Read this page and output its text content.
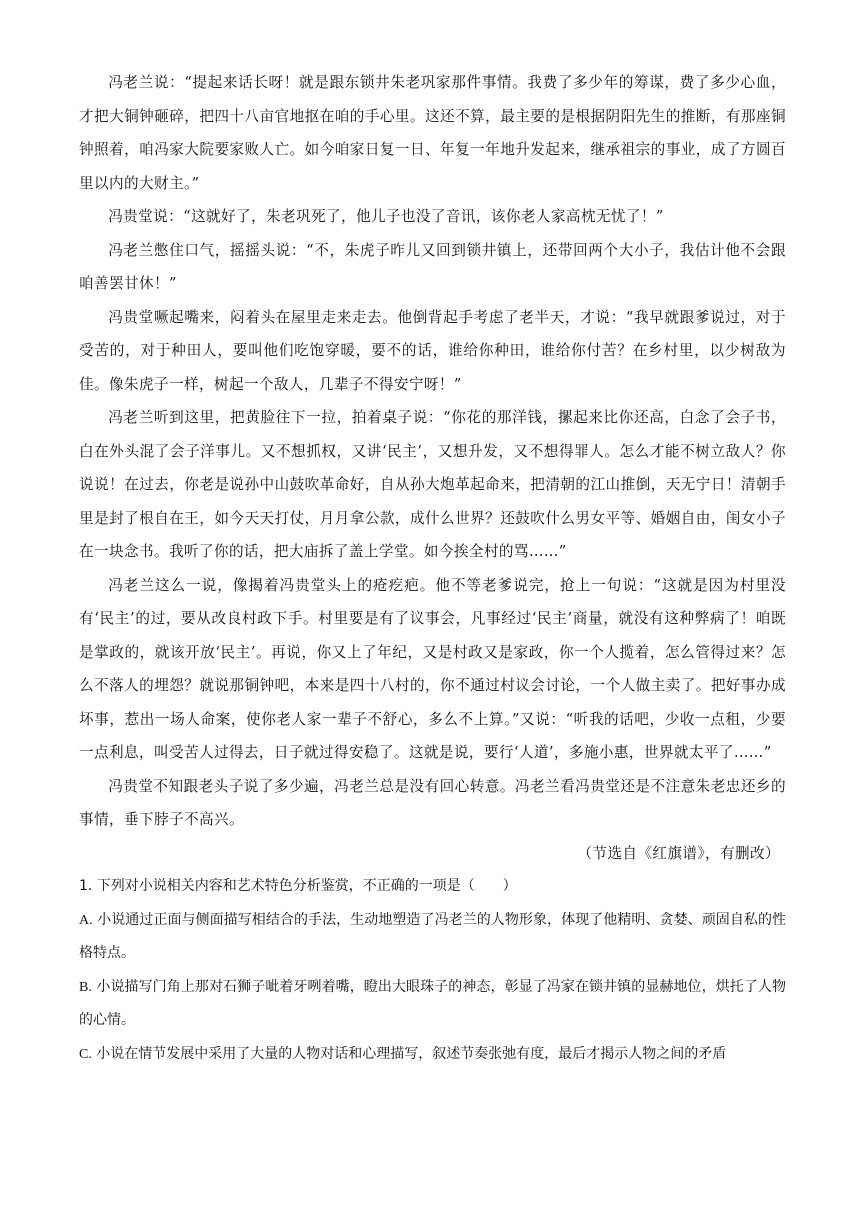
冯老兰说：“提起来话长呀！就是跟东锁井朱老巩家那件事情。我费了多少年的筹谋，费了多少心血，才把大铜钟砸碎，把四十八亩官地抠在咱的手心里。这还不算，最主要的是根据阴阳先生的推断，有那座铜钟照着，咱冯家大院要家败人亡。如今咱家日复一日、年复一年地升发起来，继承祖宗的事业，成了方圆百里以内的大财主。”

冯贵堂说：“这就好了，朱老巩死了，他儿子也没了音讯，该你老人家高枕无忧了！”

冯老兰憋住口气，摇摇头说：“不，朱虎子昨儿又回到锁井镇上，还带回两个大小子，我估计他不会跟咱善罢甘休！”

冯贵堂噘起嘴来，闷着头在屋里走来走去。他倒背起手考虑了老半天，才说：“我早就跟爹说过，对于受苦的，对于种田人，要叫他们吃饱穿暖，要不的话，谁给你种田，谁给你付苦？在乡村里，以少树敌为佳。像朱虎子一样，树起一个敌人，几辈子不得安宁呀！”

冯老兰听到这里，把黄脸往下一拉，拍着桌子说：“你花的那洋钱，摞起来比你还高，白念了会子书，白在外头混了会子洋事儿。又不想抓权，又讲‘民主’，又想升发，又不想得罪人。怎么才能不树立敌人？你说说！在过去，你老是说孙中山鼓吹革命好，自从孙大炮革起命来，把清朝的江山推倒，天无宁日！清朝手里是封了根自在王，如今天天打仗，月月拿公款，成什么世界？还鼓吹什么男女平等、婚姻自由，闺女小子在一块念书。我听了你的话，把大庙拆了盖上学堂。如今挨全村的骂……”

冯老兰这么一说，像揭着冯贵堂头上的疮疙疤。他不等老爹说完，抢上一句说：“这就是因为村里没有‘民主’的过，要从改良村政下手。村里要是有了议事会，凡事经过‘民主’商量，就没有这种弊病了！咱既是掌政的，就该开放‘民主’。再说，你又上了年纪，又是村政又是家政，你一个人揽着，怎么管得过来？怎么不落人的埋怨？就说那铜钟吧，本来是四十八村的，你不通过村议会讨论，一个人做主卖了。把好事办成坏事，惹出一场人命案，使你老人家一辈子不舒心，多么不上算。”又说：“听我的话吧，少收一点租，少要一点利息，叫受苦人过得去，日子就过得安稳了。这就是说，要行‘人道’，多施小惠，世界就太平了……”

冯贵堂不知跟老头子说了多少遍，冯老兰总是没有回心转意。冯老兰看冯贵堂还是不注意朱老忠还乡的事情，垂下脖子不高兴。

（节选自《红旗谱》，有删改）

1. 下列对小说相关内容和艺术特色分析鉴赏，不正确的一项是（　　）

A. 小说通过正面与侧面描写相结合的手法，生动地塑造了冯老兰的人物形象，体现了他精明、贪婪、顽固自私的性格特点。

B. 小说描写门角上那对石狮子呲着牙咧着嘴，瞪出大眼珠子的神态，彰显了冯家在锁井镇的显赫地位，烘托了人物的心情。

C. 小说在情节发展中采用了大量的人物对话和心理描写，叙述节奏张弛有度，最后才揭示人物之间的矛盾
